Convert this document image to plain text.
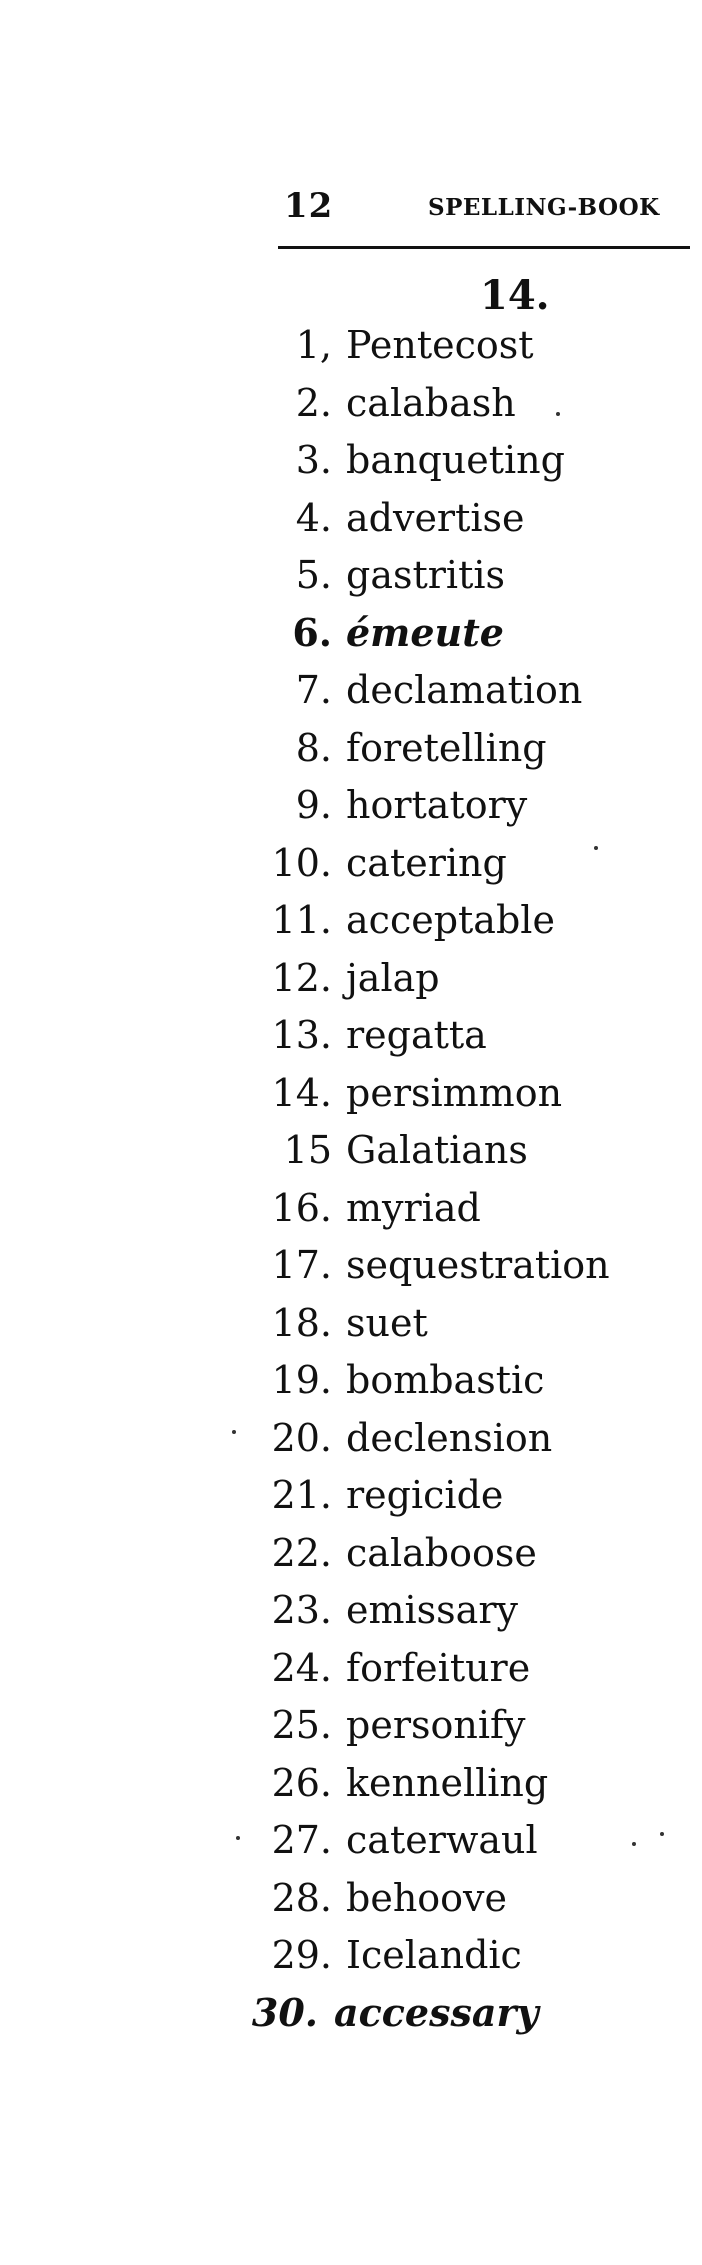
12	SPELLING-BOOK
14.
1, Pentecost
2. calabash
3. banqueting
4. advertise
5. gastritis
6. émeute
7. declamation
8. foretelling
9. hortatory
10. catering
11. acceptable
12. jalap
13. regatta
14. persimmon
15 Galatians
16. myriad
17. sequestration
18. suet
19. bombastic
20. declension
21. regicide
22. calaboose
23. emissary
24. forfeiture
25. personify
26. kennelling
27. caterwaul
28. behoove
29. Icelandic
30. accessary
